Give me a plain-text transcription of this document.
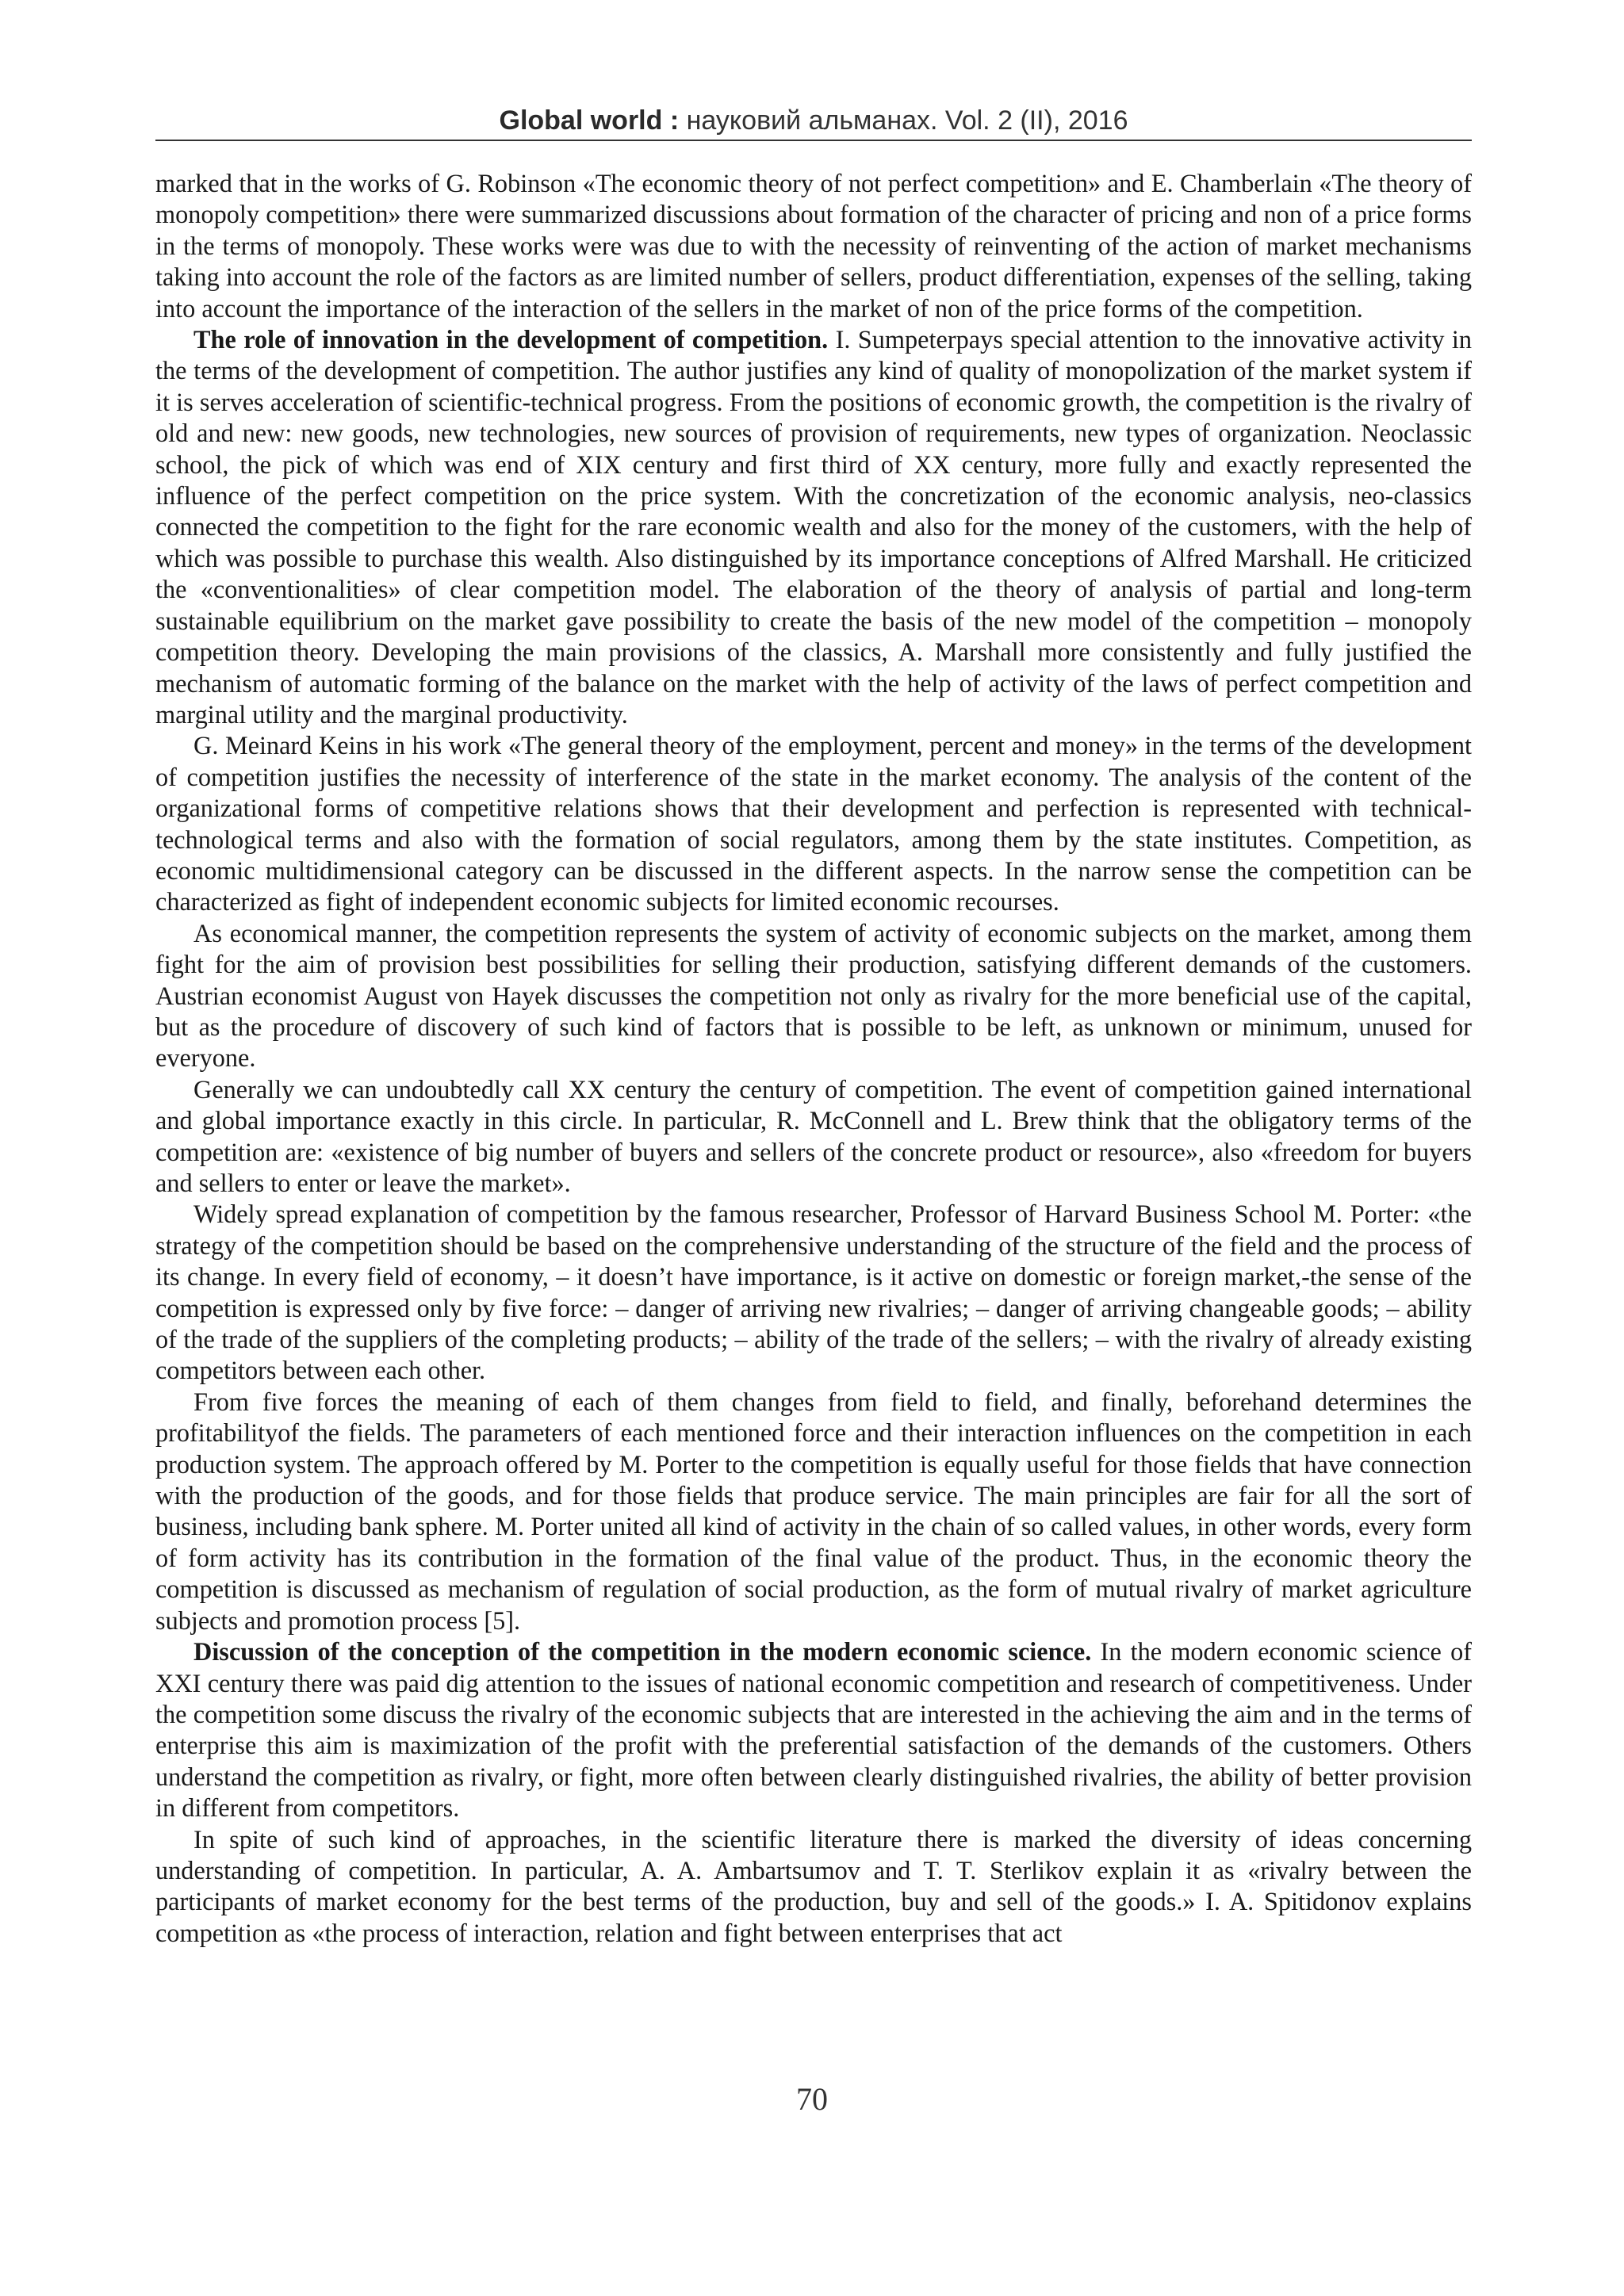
Global world : науковий альманах. Vol. 2 (II), 2016

marked that in the works of G. Robinson «The economic theory of not perfect competition» and E. Chamberlain «The theory of monopoly competition» there were summarized discussions about formation of the character of pricing and non of a price forms in the terms of monopoly. These works were was due to with the necessity of reinventing of the action of market mechanisms taking into account the role of the factors as are limited number of sellers, product differentiation, expenses of the selling, taking into account the importance of the interaction of the sellers in the market of non of the price forms of the competition.

The role of innovation in the development of competition. I. Sumpeterpays special attention to the innovative activity in the terms of the development of competition. The author justifies any kind of quality of monopolization of the market system if it is serves acceleration of scientific-technical progress. From the positions of economic growth, the competition is the rivalry of old and new: new goods, new technologies, new sources of provision of requirements, new types of organization. Neoclassic school, the pick of which was end of XIX century and first third of XX century, more fully and exactly represented the influence of the perfect competition on the price system. With the concretization of the economic analysis, neo-classics connected the competition to the fight for the rare economic wealth and also for the money of the customers, with the help of which was possible to purchase this wealth. Also distinguished by its importance conceptions of Alfred Marshall. He criticized the «conventionalities» of clear competition model. The elaboration of the theory of analysis of partial and long-term sustainable equilibrium on the market gave possibility to create the basis of the new model of the competition – monopoly competition theory. Developing the main provisions of the classics, A. Marshall more consistently and fully justified the mechanism of automatic forming of the balance on the market with the help of activity of the laws of perfect competition and marginal utility and the marginal productivity.

G. Meinard Keins in his work «The general theory of the employment, percent and money» in the terms of the development of competition justifies the necessity of interference of the state in the market economy. The analysis of the content of the organizational forms of competitive relations shows that their development and perfection is represented with technical-technological terms and also with the formation of social regulators, among them by the state institutes. Competition, as economic multidimensional category can be discussed in the different aspects. In the narrow sense the competition can be characterized as fight of independent economic subjects for limited economic recourses.

As economical manner, the competition represents the system of activity of economic subjects on the market, among them fight for the aim of provision best possibilities for selling their production, satisfying different demands of the customers. Austrian economist August von Hayek discusses the competition not only as rivalry for the more beneficial use of the capital, but as the procedure of discovery of such kind of factors that is possible to be left, as unknown or minimum, unused for everyone.

Generally we can undoubtedly call XX century the century of competition. The event of competition gained international and global importance exactly in this circle. In particular, R. McConnell and L. Brew think that the obligatory terms of the competition are: «existence of big number of buyers and sellers of the concrete product or resource», also «freedom for buyers and sellers to enter or leave the market».

Widely spread explanation of competition by the famous researcher, Professor of Harvard Business School M. Porter: «the strategy of the competition should be based on the comprehensive understanding of the structure of the field and the process of its change. In every field of economy, – it doesn’t have importance, is it active on domestic or foreign market,-the sense of the competition is expressed only by five force: – danger of arriving new rivalries; – danger of arriving changeable goods; – ability of the trade of the suppliers of the completing products; – ability of the trade of the sellers; – with the rivalry of already existing competitors between each other.

From five forces the meaning of each of them changes from field to field, and finally, beforehand determines the profitabilityof the fields. The parameters of each mentioned force and their interaction influences on the competition in each production system. The approach offered by M. Porter to the competition is equally useful for those fields that have connection with the production of the goods, and for those fields that produce service. The main principles are fair for all the sort of business, including bank sphere. M. Porter united all kind of activity in the chain of so called values, in other words, every form of form activity has its contribution in the formation of the final value of the product. Thus, in the economic theory the competition is discussed as mechanism of regulation of social production, as the form of mutual rivalry of market agriculture subjects and promotion process [5].

Discussion of the conception of the competition in the modern economic science. In the modern economic science of XXI century there was paid dig attention to the issues of national economic competition and research of competitiveness. Under the competition some discuss the rivalry of the economic subjects that are interested in the achieving the aim and in the terms of enterprise this aim is maximization of the profit with the preferential satisfaction of the demands of the customers. Others understand the competition as rivalry, or fight, more often between clearly distinguished rivalries, the ability of better provision in different from competitors.

In spite of such kind of approaches, in the scientific literature there is marked the diversity of ideas concerning understanding of competition. In particular, A. A. Ambartsumov and T. T. Sterlikov explain it as «rivalry between the participants of market economy for the best terms of the production, buy and sell of the goods.» I. A. Spitidonov explains competition as «the process of interaction, relation and fight between enterprises that act

70
